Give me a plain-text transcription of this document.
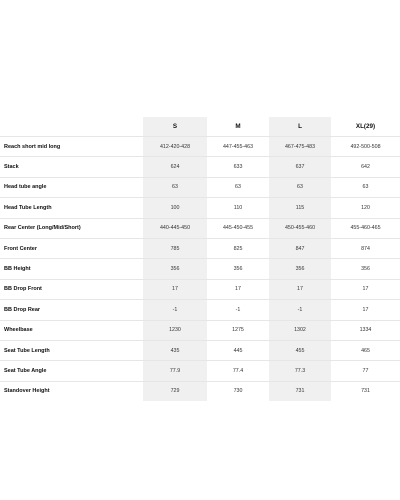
	S	M	L	XL(29)
Reach short mid long	412-420-428	447-455-463	467-475-483	492-500-508
Stack	624	633	637	642
Head tube angle	63	63	63	63
Head Tube Length	100	110	115	120
Rear Center (Long/Mid/Short)	440-445-450	445-450-455	450-455-460	455-460-465
Front Center	785	825	847	874
BB Height	356	356	356	356
BB Drop Front	17	17	17	17
BB Drop Rear	-1	-1	-1	17
Wheelbase	1230	1275	1302	1334
Seat Tube Length	435	445	455	465
Seat Tube Angle	77.9	77.4	77.3	77
Standover Height	729	730	731	731
